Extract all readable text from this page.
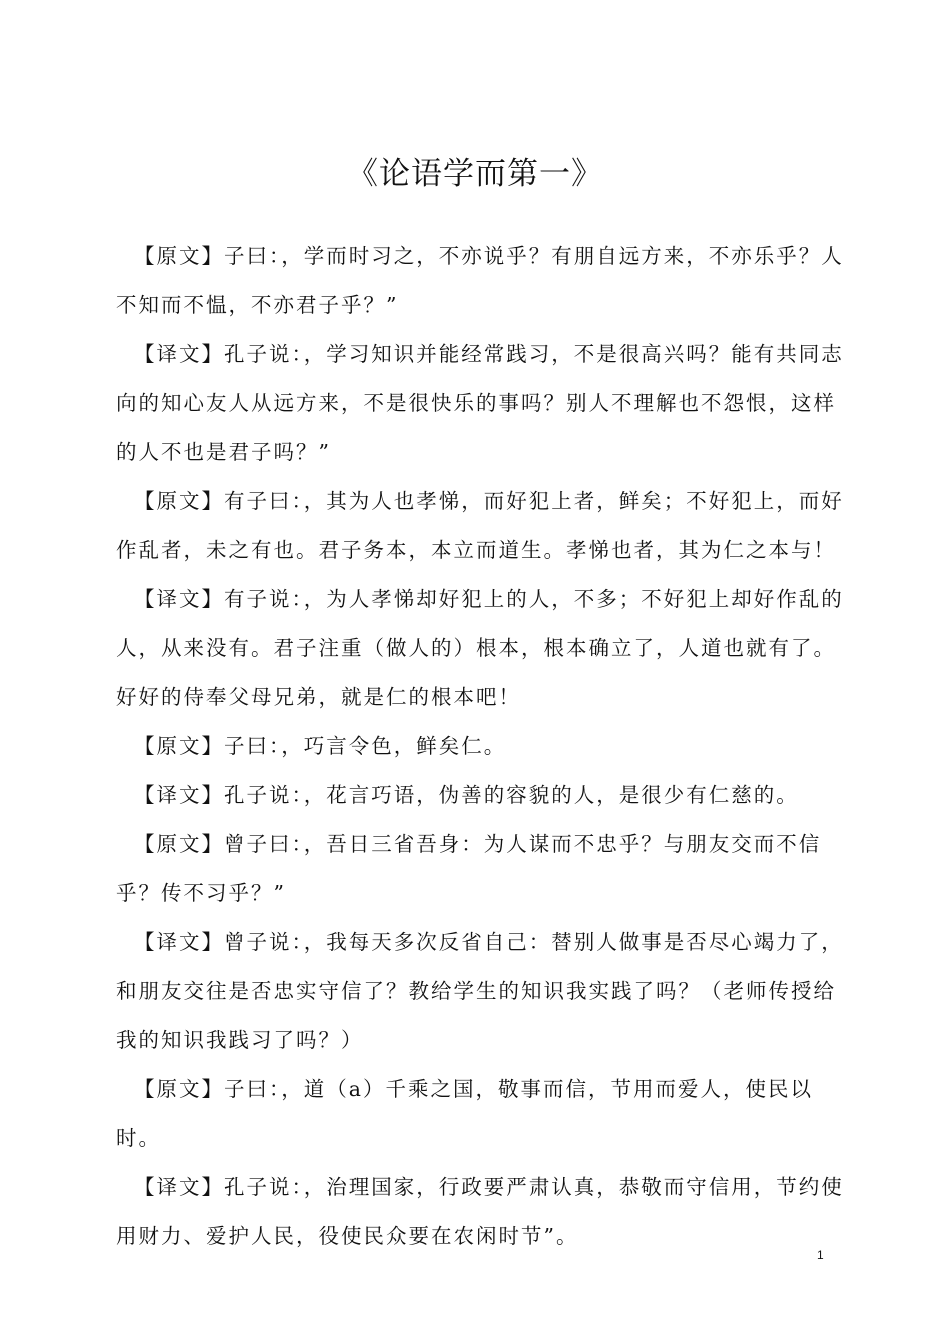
《论语学而第一》

【原文】子曰：，学而时习之，不亦说乎？有朋自远方来，不亦乐乎？人不知而不愠，不亦君子乎？”

【译文】孔子说：，学习知识并能经常践习，不是很高兴吗？能有共同志向的知心友人从远方来，不是很快乐的事吗？别人不理解也不怨恨，这样的人不也是君子吗？”

【原文】有子曰：，其为人也孝悌，而好犯上者，鲜矣；不好犯上，而好作乱者，未之有也。君子务本，本立而道生。孝悌也者，其为仁之本与！

【译文】有子说：，为人孝悌却好犯上的人，不多；不好犯上却好作乱的人，从来没有。君子注重（做人的）根本，根本确立了，人道也就有了。好好的侍奉父母兄弟，就是仁的根本吧！

【原文】子曰：，巧言令色，鲜矣仁。

【译文】孔子说：，花言巧语，伪善的容貌的人，是很少有仁慈的。

【原文】曾子曰：，吾日三省吾身：为人谋而不忠乎？与朋友交而不信乎？传不习乎？”

【译文】曾子说：，我每天多次反省自己：替别人做事是否尽心竭力了，和朋友交往是否忠实守信了？教给学生的知识我实践了吗？（老师传授给我的知识我践习了吗？）

【原文】子曰：，道（a）千乘之国，敬事而信，节用而爱人，使民以时。

【译文】孔子说：，治理国家，行政要严肃认真，恭敬而守信用，节约使用财力、爱护人民，役使民众要在农闲时节”。

1
